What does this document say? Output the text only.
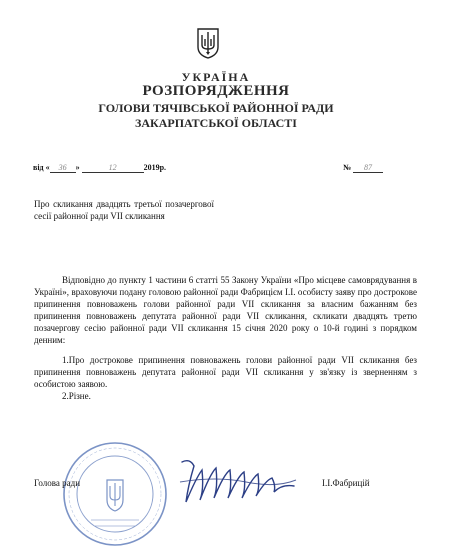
УКРАЇНА
РОЗПОРЯДЖЕННЯ
ГОЛОВИ ТЯЧІВСЬКОЇ РАЙОННОЇ РАДИ
ЗАКАРПАТСЬКОЇ ОБЛАСТІ
від « 36 »	12	2019р.	№ 87
Про скликання двадцять третьої позачергової сесії районної ради VII скликання

Відповідно до пункту 1 частини 6 статті 55 Закону України «Про місцеве самоврядування в Україні», враховуючи подану головою районної ради Фабрицієм І.І. особисту заяву про дострокове припинення повноважень голови районної ради VII скликання за власним бажанням без припинення повноважень депутата районної ради VII скликання, скликати двадцять третю позачергову сесію районної ради VII скликання 15 січня 2020 року о 10-й годині з порядком денним:

1.Про дострокове припинення повноважень голови районної ради VII скликання без припинення повноважень депутата районної ради VII скликання у зв'язку із зверненням з особистою заявою.

2.Різне.

Голова ради	І.І.Фабрицій
